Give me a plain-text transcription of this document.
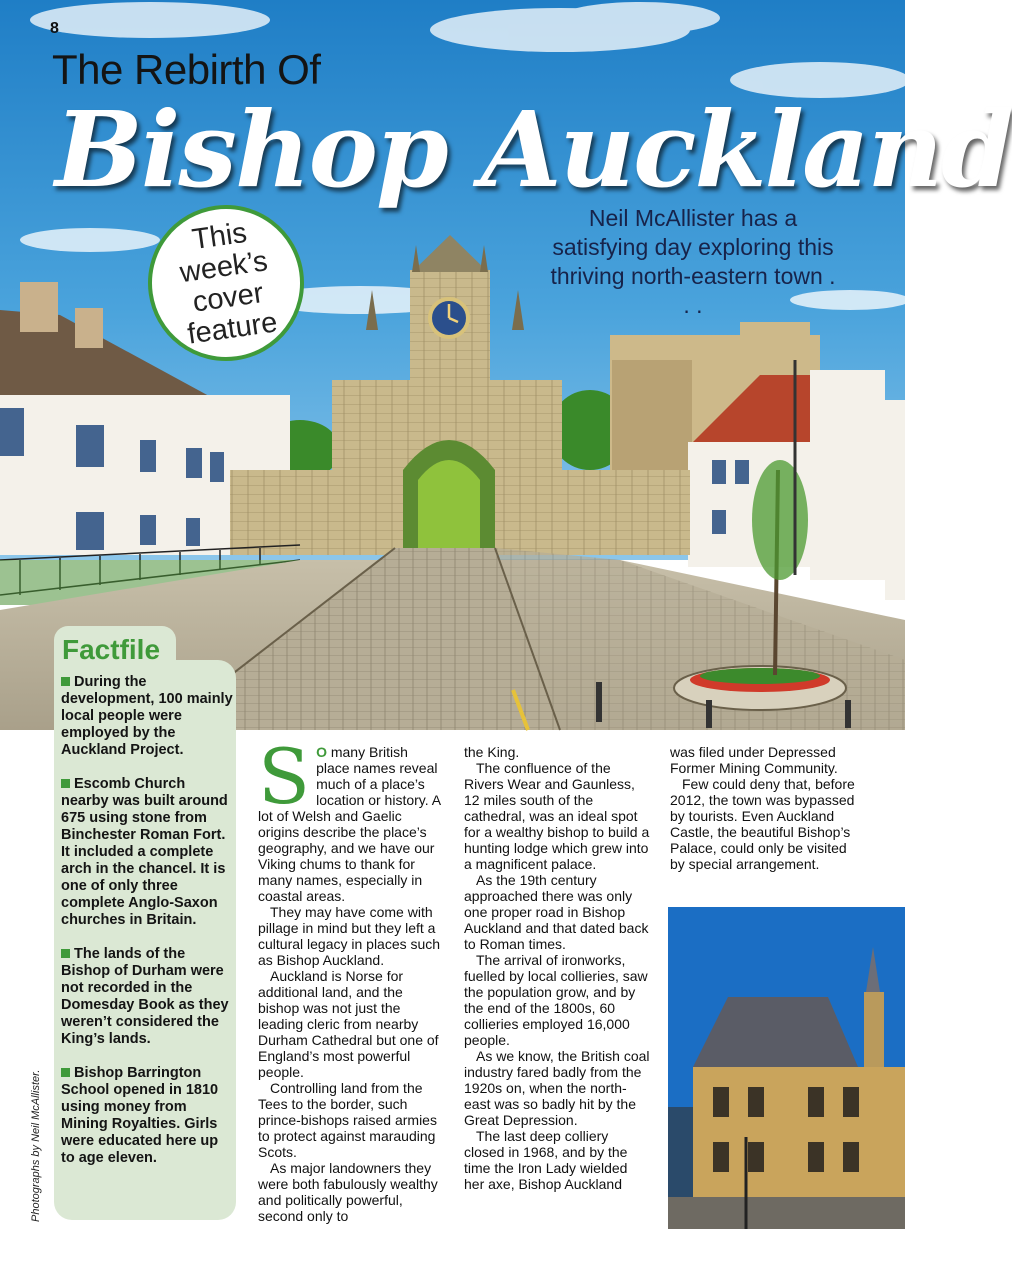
8
The Rebirth Of
Bishop Auckland
Neil McAllister has a satisfying day exploring this thriving north-eastern town . . .
This
week’s
cover
feature
Factfile
During the development, 100 mainly local people were employed by the Auckland Project.
Escomb Church nearby was built around 675 using stone from Binchester Roman Fort. It included a complete arch in the chancel. It is one of only three complete Anglo-Saxon churches in Britain.
The lands of the Bishop of Durham were not recorded in the Domesday Book as they weren’t considered the King’s lands.
Bishop Barrington School opened in 1810 using money from Mining Royalties. Girls were educated here up to age eleven.
Photographs by Neil McAllister.

S O many British place names reveal much of a place’s location or history. A lot of Welsh and Gaelic origins describe the place’s geography, and we have our Viking chums to thank for many names, especially in coastal areas.

They may have come with pillage in mind but they left a cultural legacy in places such as Bishop Auckland.

Auckland is Norse for additional land, and the bishop was not just the leading cleric from nearby Durham Cathedral but one of England’s most powerful people.

Controlling land from the Tees to the border, such prince-bishops raised armies to protect against marauding Scots.

As major landowners they were both fabulously wealthy and politically powerful, second only to

the King.

The confluence of the Rivers Wear and Gaunless, 12 miles south of the cathedral, was an ideal spot for a wealthy bishop to build a hunting lodge which grew into a magnificent palace.

As the 19th century approached there was only one proper road in Bishop Auckland and that dated back to Roman times.

The arrival of ironworks, fuelled by local collieries, saw the population grow, and by the end of the 1800s, 60 collieries employed 16,000 people.

As we know, the British coal industry fared badly from the 1920s on, when the north-east was so badly hit by the Great Depression.

The last deep colliery closed in 1968, and by the time the Iron Lady wielded her axe, Bishop Auckland

was filed under Depressed Former Mining Community.

Few could deny that, before 2012, the town was bypassed by tourists. Even Auckland Castle, the beautiful Bishop’s Palace, could only be visited by special arrangement.
